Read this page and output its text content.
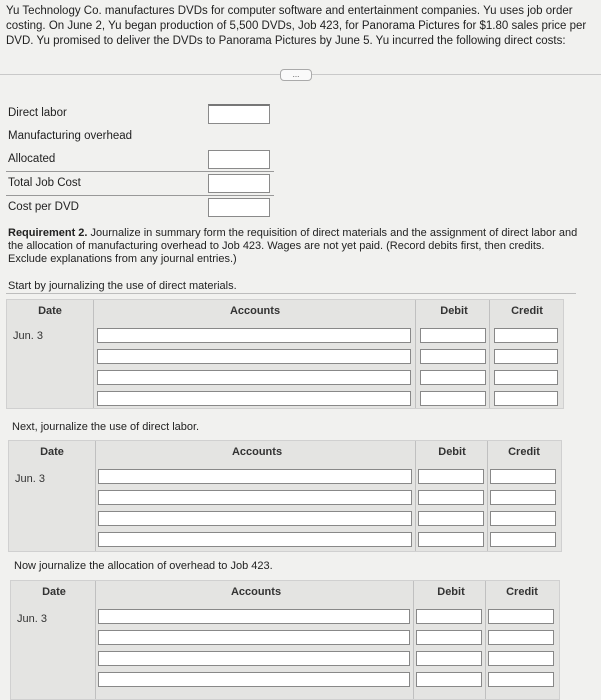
Yu Technology Co. manufactures DVDs for computer software and entertainment companies. Yu uses job order costing. On June 2, Yu began production of 5,500 DVDs, Job 423, for Panorama Pictures for $1.80 sales price per DVD. Yu promised to deliver the DVDs to Panorama Pictures by June 5. Yu incurred the following direct costs:
...
Direct labor
Manufacturing overhead
Allocated
Total Job Cost
Cost per DVD
Requirement 2. Journalize in summary form the requisition of direct materials and the assignment of direct labor and the allocation of manufacturing overhead to Job 423. Wages are not yet paid. (Record debits first, then credits. Exclude explanations from any journal entries.)
Start by journalizing the use of direct materials.
Date	Accounts	Debit	Credit
Jun. 3
Next, journalize the use of direct labor.
Date	Accounts	Debit	Credit
Jun. 3
Now journalize the allocation of overhead to Job 423.
Date	Accounts	Debit	Credit
Jun. 3
